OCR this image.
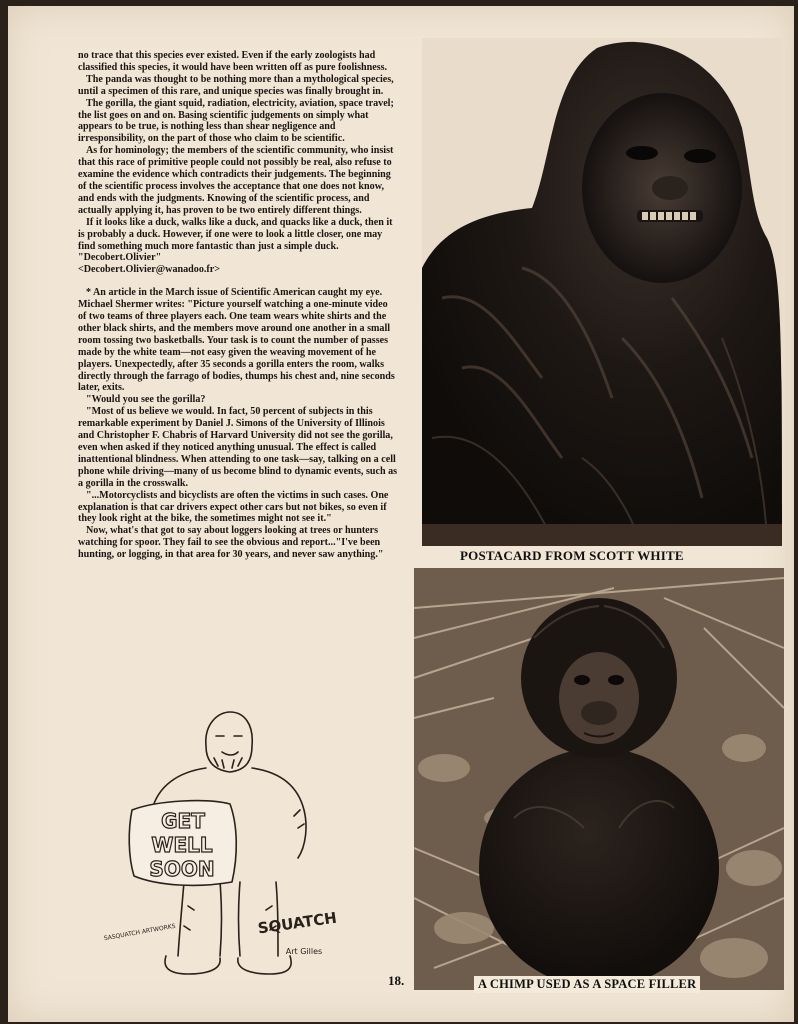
no trace that this species ever existed. Even if the early zoologists had classified this species, it would have been written off as pure foolishness.

The panda was thought to be nothing more than a mythological species, until a specimen of this rare, and unique species was finally brought in.

The gorilla, the giant squid, radiation, electricity, aviation, space travel; the list goes on and on. Basing scientific judgements on simply what appears to be true, is nothing less than shear negligence and irresponsibility, on the part of those who claim to be scientific.

As for hominology; the members of the scientific community, who insist that this race of primitive people could not possibly be real, also refuse to examine the evidence which contradicts their judgements. The beginning of the scientific process involves the acceptance that one does not know, and ends with the judgments. Knowing of the scientific process, and actually applying it, has proven to be two entirely different things.

If it looks like a duck, walks like a duck, and quacks like a duck, then it is probably a duck. However, if one were to look a little closer, one may find something much more fantastic than just a simple duck. "Decobert.Olivier"

<Decobert.Olivier@wanadoo.fr>

* An article in the March issue of Scientific American caught my eye. Michael Shermer writes: "Picture yourself watching a one-minute video of two teams of three players each. One team wears white shirts and the other black shirts, and the members move around one another in a small room tossing two basketballs. Your task is to count the number of passes made by the white team—not easy given the weaving movement of he players. Unexpectedly, after 35 seconds a gorilla enters the room, walks directly through the farrago of bodies, thumps his chest and, nine seconds later, exits.

"Would you see the gorilla?

"Most of us believe we would. In fact, 50 percent of subjects in this remarkable experiment by Daniel J. Simons of the University of Illinois and Christopher F. Chabris of Harvard University did not see the gorilla, even when asked if they noticed anything unusual. The effect is called inattentional blindness. When attending to one task—say, talking on a cell phone while driving—many of us become blind to dynamic events, such as a gorilla in the crosswalk.

"...Motorcyclists and bicyclists are often the victims in such cases. One explanation is that car drivers expect other cars but not bikes, so even if they look right at the bike, the sometimes might not see it."

Now, what's that got to say about loggers looking at trees or hunters watching for spoor. They fail to see the obvious and report..."I've been hunting, or logging, in that area for 30 years, and never saw anything."	POSTACARD FROM SCOTT WHITE
A CHIMP USED AS A SPACE FILLER
18.
GET
WELL
SOON
SQUATCH
Art Gilles
SASQUATCH ARTWORKS
